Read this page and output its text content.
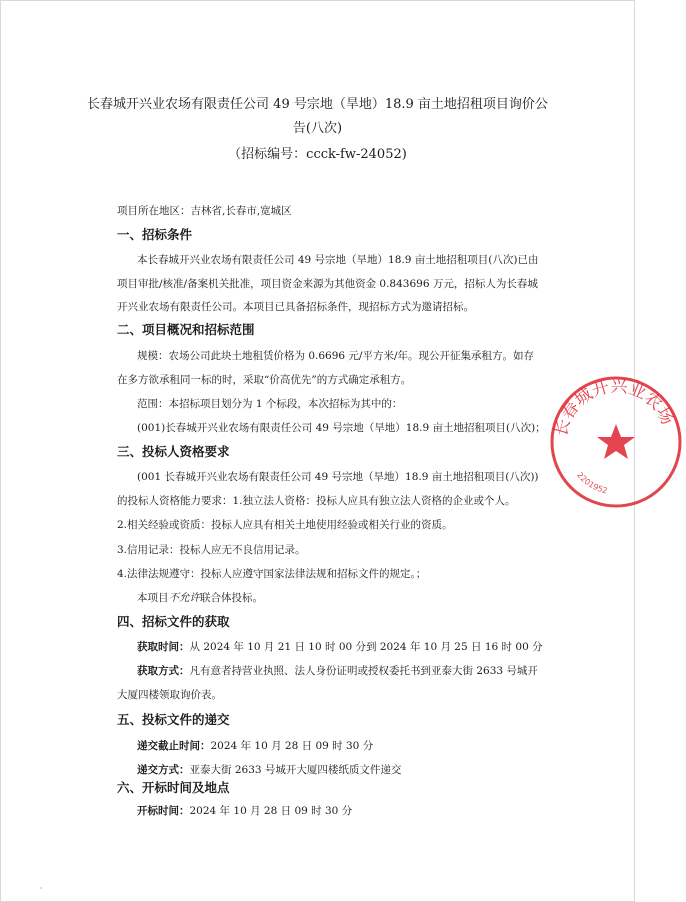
长春城开兴业农场有限责任公司 49 号宗地（旱地）18.9 亩土地招租项目询价公
告(八次)
（招标编号：ccck-fw-24052)
项目所在地区：吉林省,长春市,宽城区
一、招标条件
本长春城开兴业农场有限责任公司 49 号宗地（旱地）18.9 亩土地招租项目(八次)已由
项目审批/核准/备案机关批准，项目资金来源为其他资金 0.843696 万元，招标人为长春城
开兴业农场有限责任公司。本项目已具备招标条件，现招标方式为邀请招标。
二、项目概况和招标范围
规模：农场公司此块土地租赁价格为 0.6696 元/平方米/年。现公开征集承租方。如存
在多方欲承租同一标的时，采取“价高优先”的方式确定承租方。
范围：本招标项目划分为 1 个标段，本次招标为其中的：
(001)长春城开兴业农场有限责任公司 49 号宗地（旱地）18.9 亩土地招租项目(八次)；
三、投标人资格要求
(001 长春城开兴业农场有限责任公司 49 号宗地（旱地）18.9 亩土地招租项目(八次))
的投标人资格能力要求：1.独立法人资格：投标人应具有独立法人资格的企业或个人。
2.相关经验或资质：投标人应具有相关土地使用经验或相关行业的资质。
3.信用记录：投标人应无不良信用记录。
4.法律法规遵守：投标人应遵守国家法律法规和招标文件的规定。；
本项目不允许联合体投标。
四、招标文件的获取
获取时间：从 2024 年 10 月 21 日 10 时 00 分到 2024 年 10 月 25 日 16 时 00 分
获取方式：凡有意者持营业执照、法人身份证明或授权委托书到亚泰大街 2633 号城开
大厦四楼领取询价表。
五、投标文件的递交
递交截止时间：2024 年 10 月 28 日 09 时 30 分
递交方式：亚泰大街 2633 号城开大厦四楼纸质文件递交
六、开标时间及地点
开标时间：2024 年 10 月 28 日 09 时 30 分
长春城开兴业农场
2201952
